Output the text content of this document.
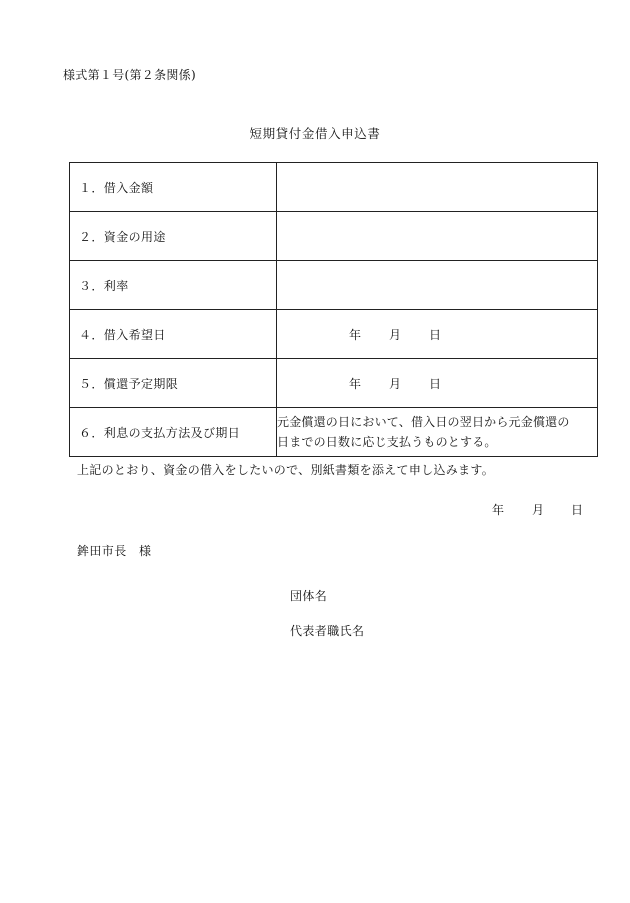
様式第１号(第２条関係)
短期貸付金借入申込書
１．借入金額	
２．資金の用途	
３．利率	
４．借入希望日	年 月 日

５．償還予定期限	年 月 日

６．利息の支払方法及び期日	元金償還の日において、借入日の翌日から元金償還の
日までの日数に応じ支払うものとする。
上記のとおり、資金の借入をしたいので、別紙書類を添えて申し込みます。
年 月 日
鉾田市長　様
団体名
代表者職氏名
